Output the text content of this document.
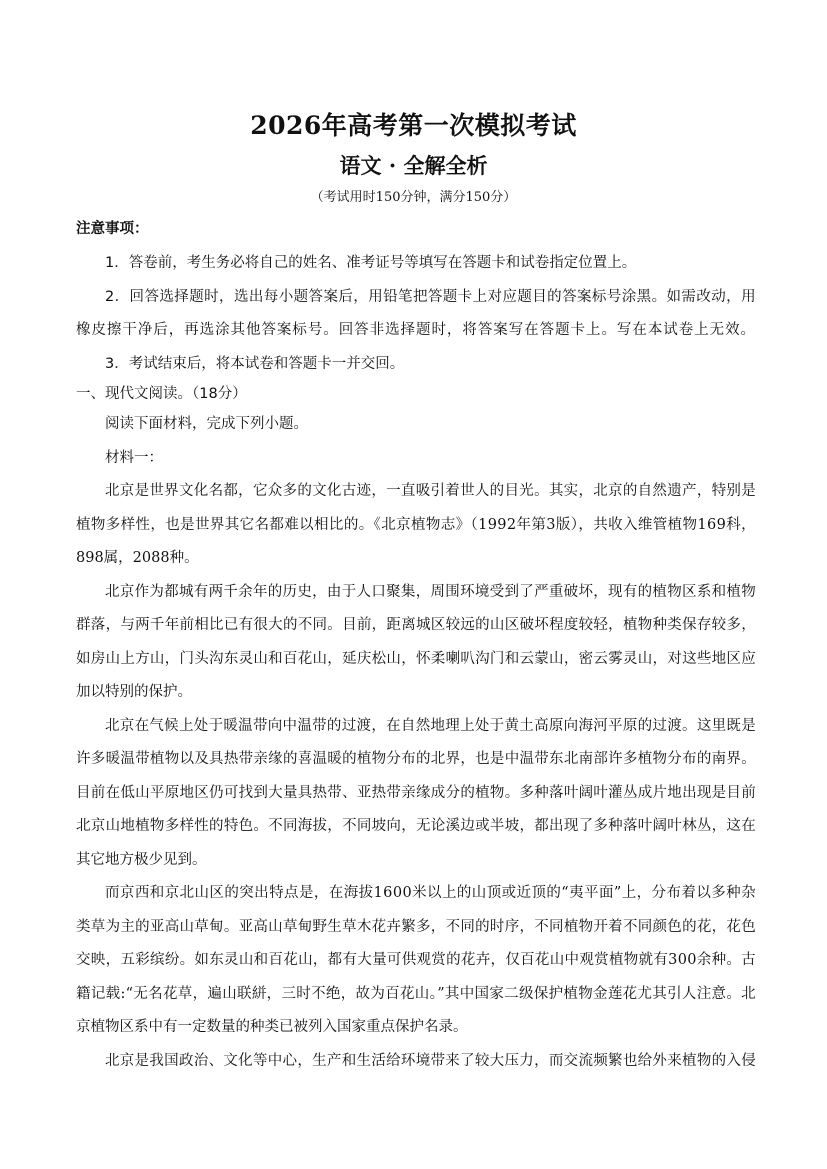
2026年高考第一次模拟考试
语文 · 全解全析
（考试用时150分钟，满分150分）
注意事项：

1．答卷前，考生务必将自己的姓名、准考证号等填写在答题卡和试卷指定位置上。

2．回答选择题时，选出每小题答案后，用铅笔把答题卡上对应题目的答案标号涂黑。如需改动，用

橡皮擦干净后，再选涂其他答案标号。回答非选择题时，将答案写在答题卡上。写在本试卷上无效。

3．考试结束后，将本试卷和答题卡一并交回。

一、现代文阅读。（18分）

阅读下面材料，完成下列小题。

材料一：

北京是世界文化名都，它众多的文化古迹，一直吸引着世人的目光。其实，北京的自然遗产，特别是

植物多样性，也是世界其它名都难以相比的。《北京植物志》（1992年第3版），共收入维管植物169科，

898属，2088种。

北京作为都城有两千余年的历史，由于人口聚集，周围环境受到了严重破坏，现有的植物区系和植物

群落，与两千年前相比已有很大的不同。目前，距离城区较远的山区破坏程度较轻，植物种类保存较多，

如房山上方山，门头沟东灵山和百花山，延庆松山，怀柔喇叭沟门和云蒙山，密云雾灵山，对这些地区应

加以特别的保护。

北京在气候上处于暖温带向中温带的过渡，在自然地理上处于黄土高原向海河平原的过渡。这里既是

许多暖温带植物以及具热带亲缘的喜温暖的植物分布的北界，也是中温带东北南部许多植物分布的南界。

目前在低山平原地区仍可找到大量具热带、亚热带亲缘成分的植物。多种落叶阔叶灌丛成片地出现是目前

北京山地植物多样性的特色。不同海拔，不同坡向，无论溪边或半坡，都出现了多种落叶阔叶林丛，这在

其它地方极少见到。

而京西和京北山区的突出特点是，在海拔1600米以上的山顶或近顶的“夷平面”上，分布着以多种杂

类草为主的亚高山草甸。亚高山草甸野生草木花卉繁多，不同的时序，不同植物开着不同颜色的花，花色

交映，五彩缤纷。如东灵山和百花山，都有大量可供观赏的花卉，仅百花山中观赏植物就有300余种。古

籍记载:“无名花草，遍山联絣，三时不绝，故为百花山。”其中国家二级保护植物金莲花尤其引人注意。北

京植物区系中有一定数量的种类已被列入国家重点保护名录。

北京是我国政治、文化等中心，生产和生活给环境带来了较大压力，而交流频繁也给外来植物的入侵
